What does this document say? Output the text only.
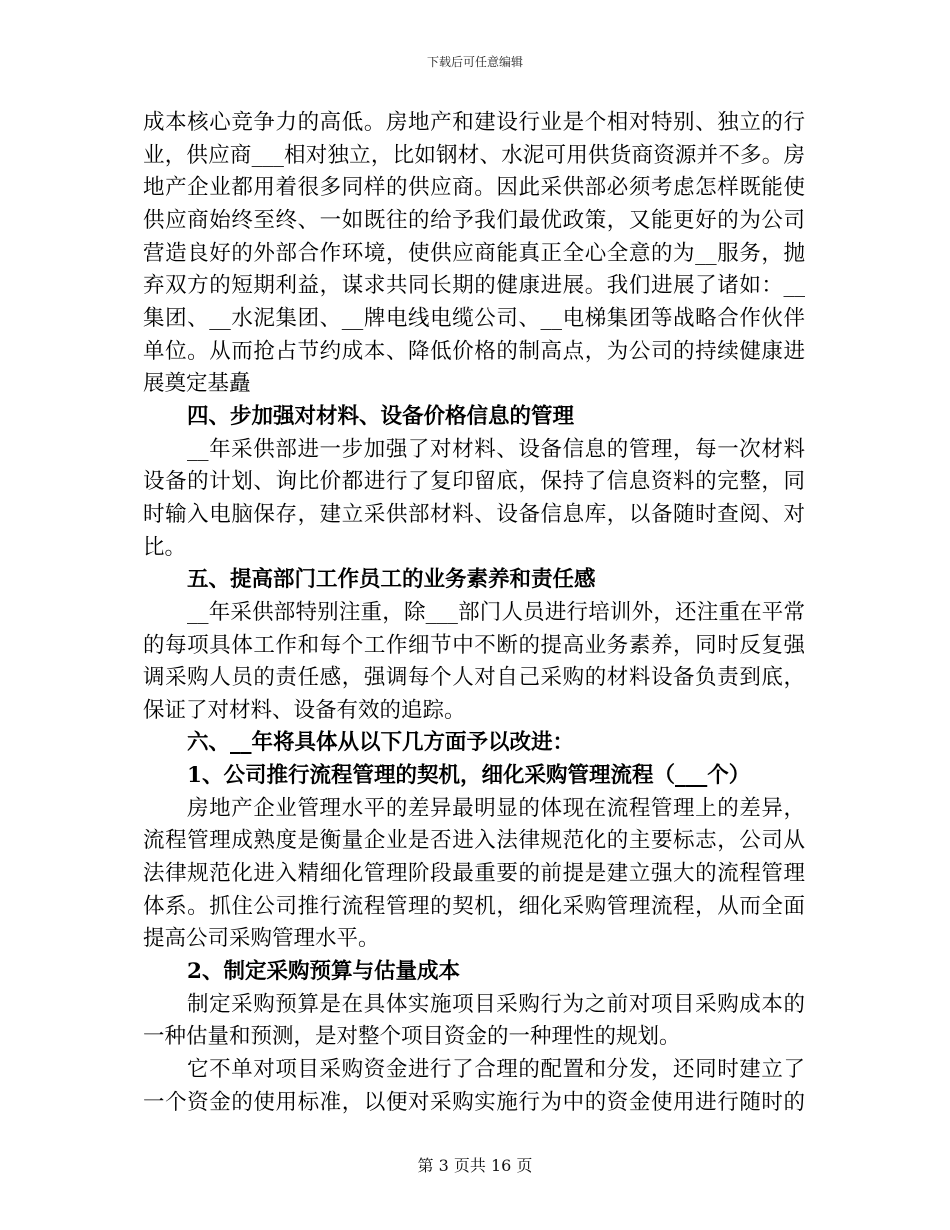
下载后可任意编辑
成本核心竞争力的高低。房地产和建设行业是个相对特别、独立的行
业，供应商___相对独立，比如钢材、水泥可用供货商资源并不多。房
地产企业都用着很多同样的供应商。因此采供部必须考虑怎样既能使
供应商始终至终、一如既往的给予我们最优政策，又能更好的为公司
营造良好的外部合作环境，使供应商能真正全心全意的为__服务，抛
弃双方的短期利益，谋求共同长期的健康进展。我们进展了诸如：__
集团、__水泥集团、__牌电线电缆公司、__电梯集团等战略合作伙伴
单位。从而抢占节约成本、降低价格的制高点，为公司的持续健康进
展奠定基矗
四、步加强对材料、设备价格信息的管理
__年采供部进一步加强了对材料、设备信息的管理，每一次材料
设备的计划、询比价都进行了复印留底，保持了信息资料的完整，同
时输入电脑保存，建立采供部材料、设备信息库，以备随时查阅、对
比。
五、提高部门工作员工的业务素养和责任感
__年采供部特别注重，除___部门人员进行培训外，还注重在平常
的每项具体工作和每个工作细节中不断的提高业务素养，同时反复强
调采购人员的责任感，强调每个人对自己采购的材料设备负责到底，
保证了对材料、设备有效的追踪。
六、__年将具体从以下几方面予以改进：
1、公司推行流程管理的契机，细化采购管理流程（___个）
房地产企业管理水平的差异最明显的体现在流程管理上的差异，
流程管理成熟度是衡量企业是否进入法律规范化的主要标志，公司从
法律规范化进入精细化管理阶段最重要的前提是建立强大的流程管理
体系。抓住公司推行流程管理的契机，细化采购管理流程，从而全面
提高公司采购管理水平。
2、制定采购预算与估量成本
制定采购预算是在具体实施项目采购行为之前对项目采购成本的
一种估量和预测，是对整个项目资金的一种理性的规划。
它不单对项目采购资金进行了合理的配置和分发，还同时建立了
一个资金的使用标准，以便对采购实施行为中的资金使用进行随时的
第 3 页共 16 页
